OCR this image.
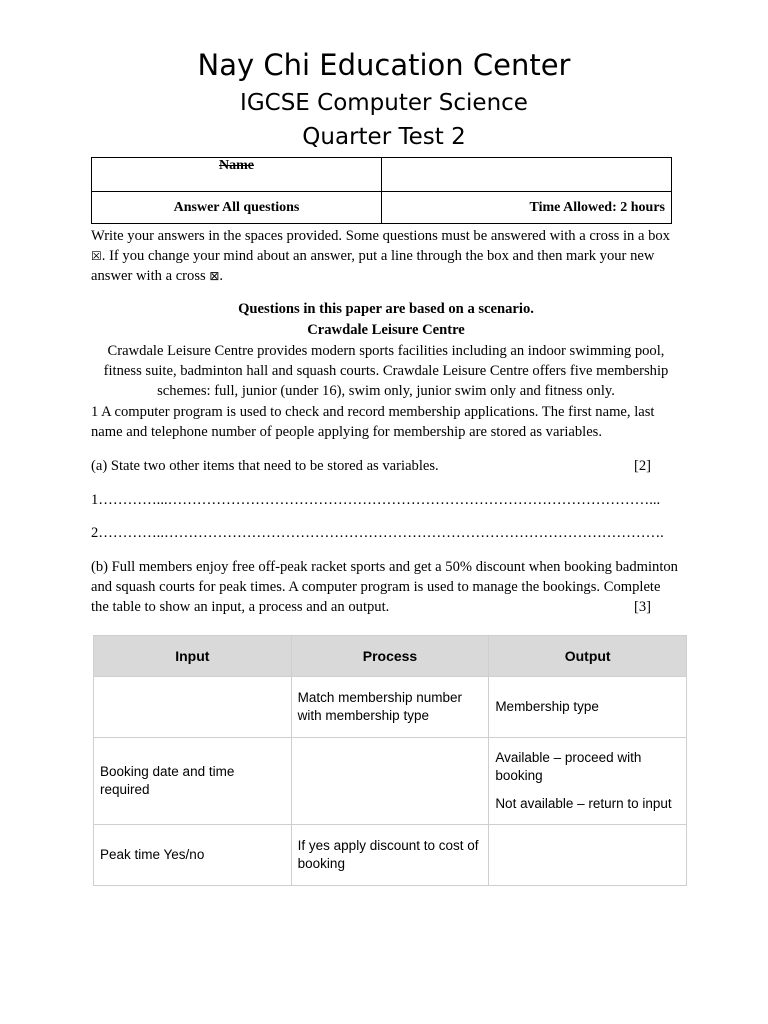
Nay Chi Education Center
IGCSE Computer Science
Quarter Test 2
Name	
Answer All questions	Time Allowed: 2 hours
Write your answers in the spaces provided. Some questions must be answered with a cross in a box ☒. If you change your mind about an answer, put a line through the box and then mark your new answer with a cross ⊠.
Questions in this paper are based on a scenario.
Crawdale Leisure Centre
Crawdale Leisure Centre provides modern sports facilities including an indoor swimming pool, fitness suite, badminton hall and squash courts. Crawdale Leisure Centre offers five membership schemes: full, junior (under 16), swim only, junior swim only and fitness only.
1 A computer program is used to check and record membership applications. The first name, last name and telephone number of people applying for membership are stored as variables.
(a) State two other items that need to be stored as variables.	[2]
1…………...………………………………………………………………………………………...
2…………..………………………………………………………………………………………….
(b) Full members enjoy free off-peak racket sports and get a 50% discount when booking badminton and squash courts for peak times. A computer program is used to manage the bookings. Complete the table to show an input, a process and an output.	[3]
Input	Process	Output
	Match membership number with membership type	Membership type
Booking date and time required		Available – proceed with booking
Not available – return to input

Peak time Yes/no	If yes apply discount to cost of booking	
